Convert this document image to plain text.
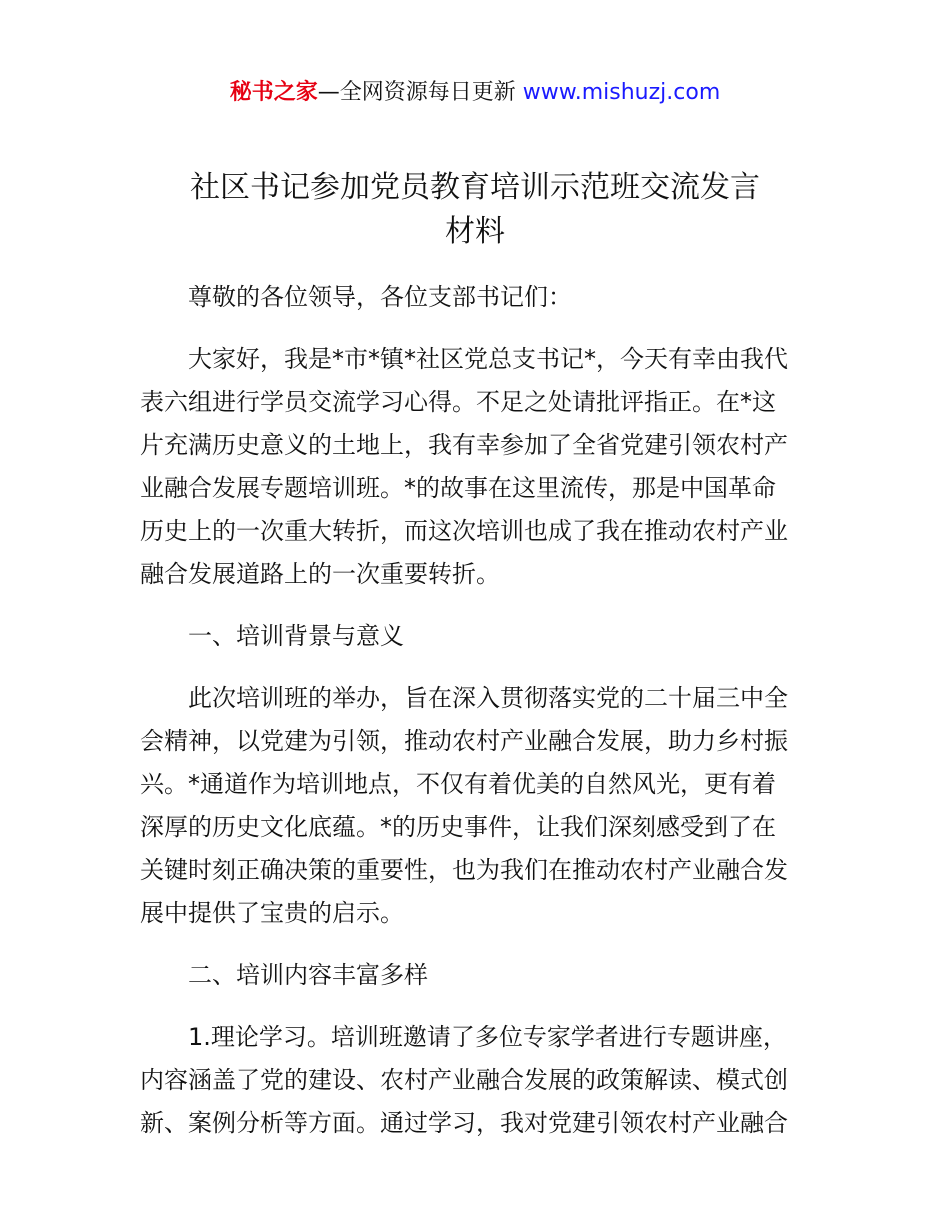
秘书之家—全网资源每日更新 www.mishuzj.com
社区书记参加党员教育培训示范班交流发言
材料
尊敬的各位领导，各位支部书记们：
大家好，我是*市*镇*社区党总支书记*，今天有幸由我代
表六组进行学员交流学习心得。不足之处请批评指正。在*这
片充满历史意义的土地上，我有幸参加了全省党建引领农村产
业融合发展专题培训班。*的故事在这里流传，那是中国革命
历史上的一次重大转折，而这次培训也成了我在推动农村产业
融合发展道路上的一次重要转折。
一、培训背景与意义
此次培训班的举办，旨在深入贯彻落实党的二十届三中全
会精神，以党建为引领，推动农村产业融合发展，助力乡村振
兴。*通道作为培训地点，不仅有着优美的自然风光，更有着
深厚的历史文化底蕴。*的历史事件，让我们深刻感受到了在
关键时刻正确决策的重要性，也为我们在推动农村产业融合发
展中提供了宝贵的启示。
二、培训内容丰富多样
1.理论学习。培训班邀请了多位专家学者进行专题讲座，
内容涵盖了党的建设、农村产业融合发展的政策解读、模式创
新、案例分析等方面。通过学习，我对党建引领农村产业融合
